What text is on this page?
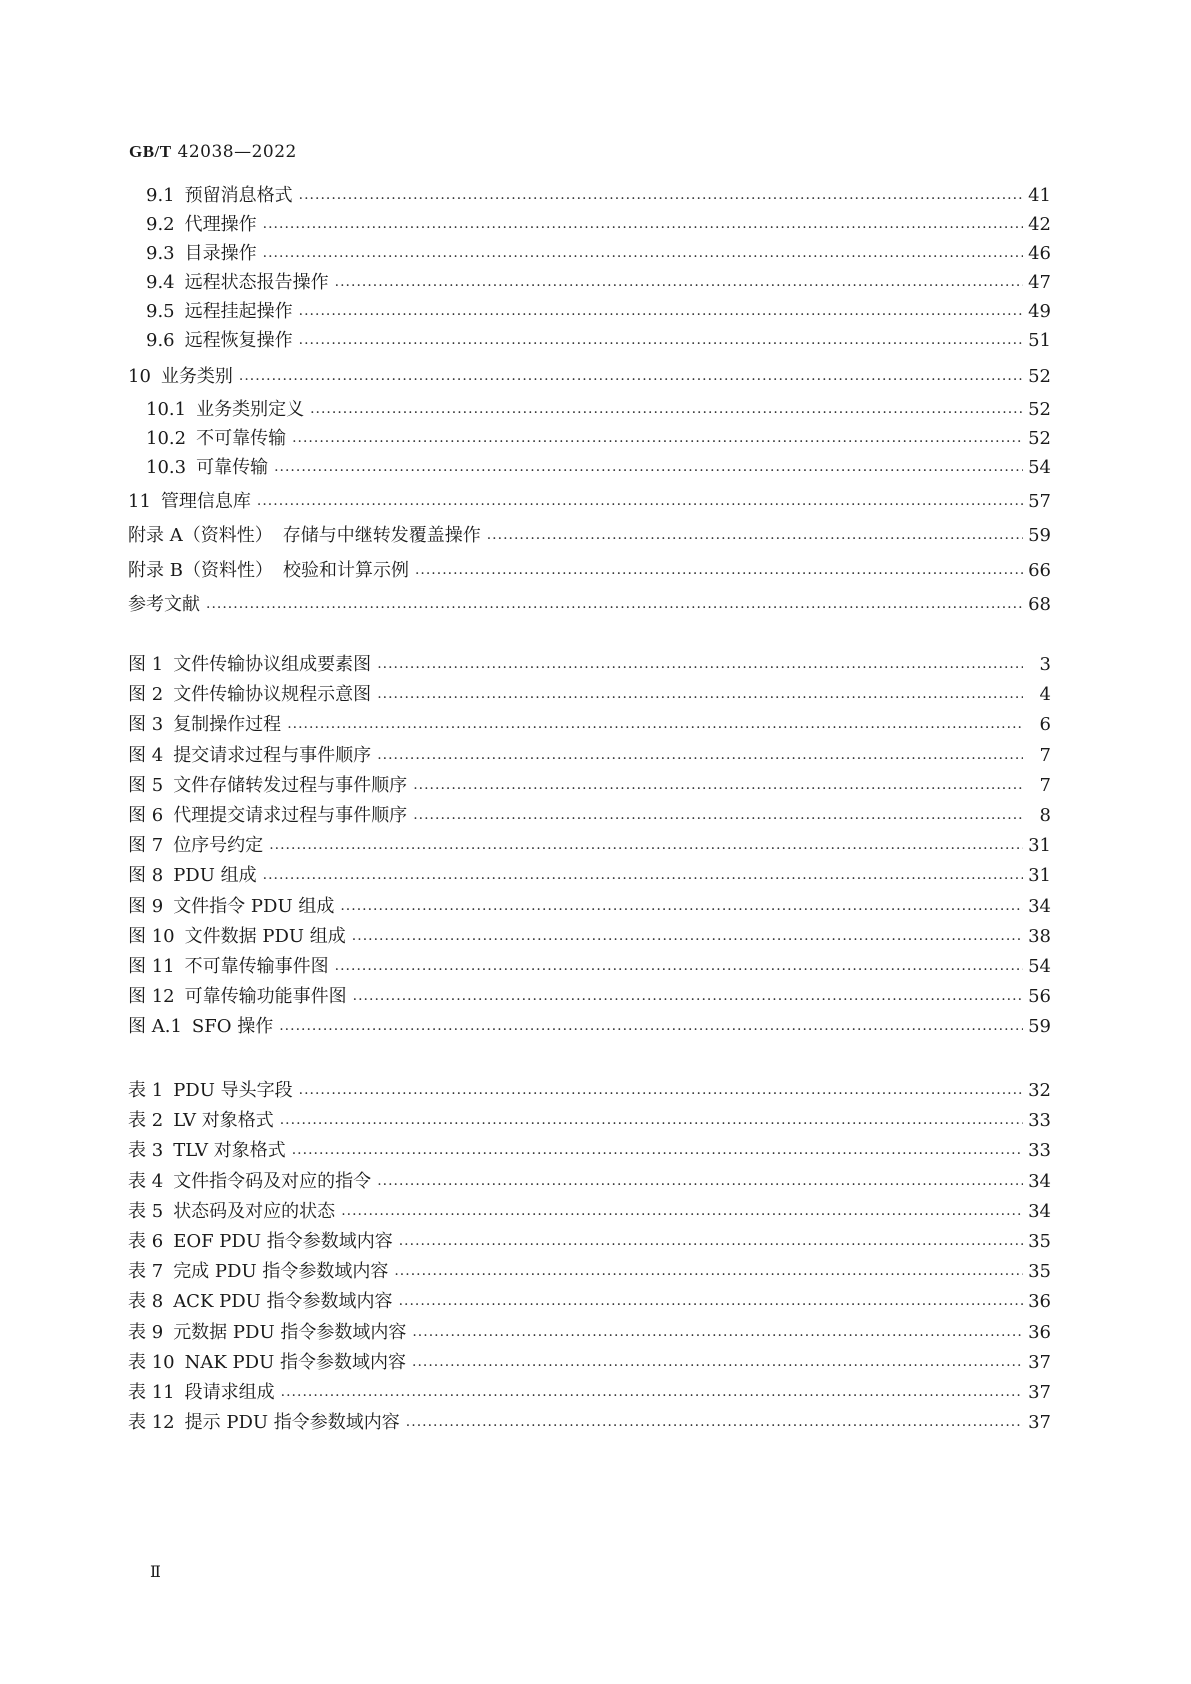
GB/T 42038—2022
9.1 预留消息格式 ·····	41
9.2 代理操作 ·····	42
9.3 目录操作 ·····	46
9.4 远程状态报告操作 ·····	47
9.5 远程挂起操作 ·····	49
9.6 远程恢复操作 ·····	51
10 业务类别 ·····	52
10.1 业务类别定义 ·····	52
10.2 不可靠传输 ·····	52
10.3 可靠传输 ·····	54
11 管理信息库 ·····	57
附录 A（资料性） 存储与中继转发覆盖操作 ·····	59
附录 B（资料性） 校验和计算示例 ·····	66
参考文献 ·····	68
图 1 文件传输协议组成要素图 ·····	3
图 2 文件传输协议规程示意图 ·····	4
图 3 复制操作过程 ·····	6
图 4 提交请求过程与事件顺序 ·····	7
图 5 文件存储转发过程与事件顺序 ·····	7
图 6 代理提交请求过程与事件顺序 ·····	8
图 7 位序号约定 ·····	31
图 8 PDU 组成 ·····	31
图 9 文件指令 PDU 组成 ·····	34
图 10 文件数据 PDU 组成 ·····	38
图 11 不可靠传输事件图 ·····	54
图 12 可靠传输功能事件图 ·····	56
图 A.1 SFO 操作 ·····	59
表 1 PDU 导头字段 ·····	32
表 2 LV 对象格式 ·····	33
表 3 TLV 对象格式 ·····	33
表 4 文件指令码及对应的指令 ·····	34
表 5 状态码及对应的状态 ·····	34
表 6 EOF PDU 指令参数域内容 ·····	35
表 7 完成 PDU 指令参数域内容 ·····	35
表 8 ACK PDU 指令参数域内容 ·····	36
表 9 元数据 PDU 指令参数域内容 ·····	36
表 10 NAK PDU 指令参数域内容 ·····	37
表 11 段请求组成 ·····	37
表 12 提示 PDU 指令参数域内容 ·····	37
Ⅱ
